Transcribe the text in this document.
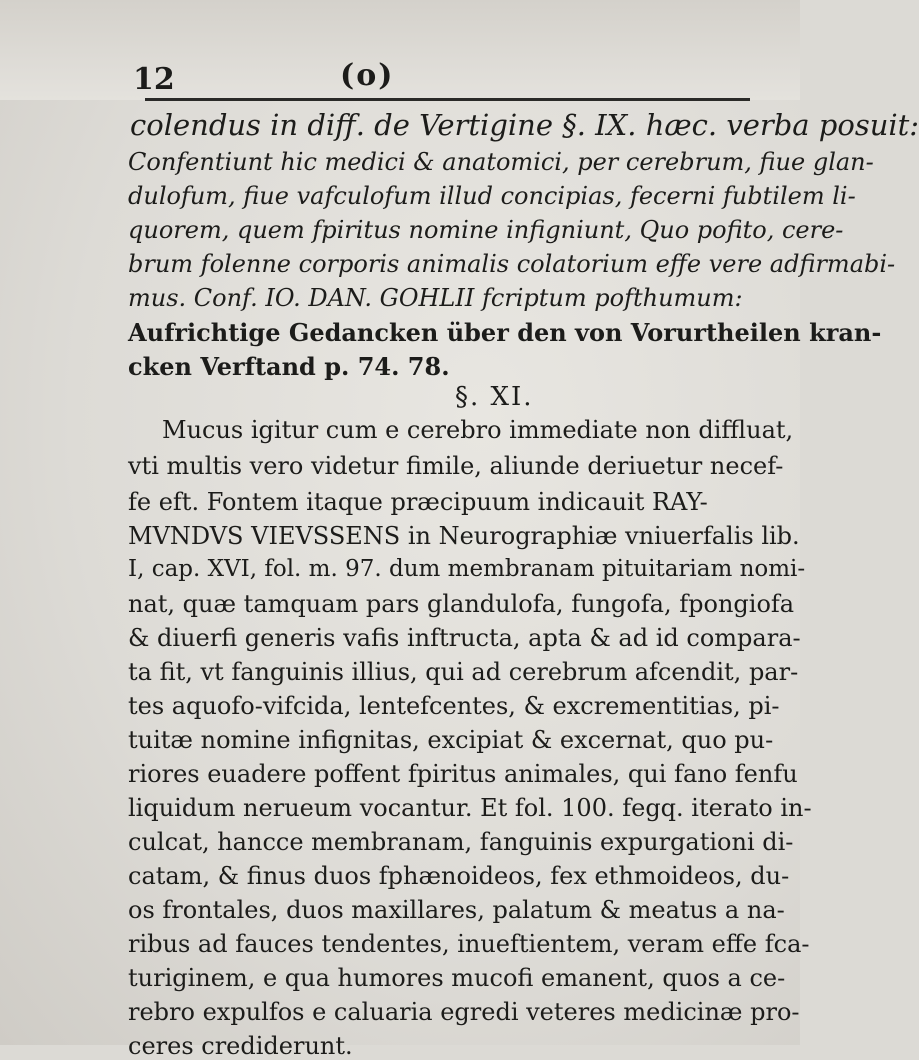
12	(o)
colendus in diff. de Vertigine §. IX. hæc. verba posuit:
Confentiunt hic medici & anatomici, per cerebrum, fiue glan-
dulofum, fiue vafculofum illud concipias, fecerni fubtilem li-
quorem, quem fpiritus nomine infigniunt, Quo pofito, cere-
brum folenne corporis animalis colatorium effe vere adfirmabi-
mus. Conf. IO. DAN. GOHLII fcriptum pofthumum:
Aufrichtige Gedancken über den von Vorurtheilen kran-
cken Verftand p. 74. 78.
§. XI.
Mucus igitur cum e cerebro immediate non diffluat,
vti multis vero videtur fimile, aliunde deriuetur necef-
fe eft. Fontem itaque præcipuum indicauit RAY-
MVNDVS VIEVSSENS in Neurographiæ vniuerfalis lib.
I, cap. XVI, fol. m. 97. dum membranam pituitariam nomi-
nat, quæ tamquam pars glandulofa, fungofa, fpongiofa
& diuerfi generis vafis inftructa, apta & ad id compara-
ta fit, vt fanguinis illius, qui ad cerebrum afcendit, par-
tes aquofo-vifcida, lentefcentes, & excrementitias, pi-
tuitæ nomine infignitas, excipiat & excernat, quo pu-
riores euadere poffent fpiritus animales, qui fano fenfu
liquidum nerueum vocantur. Et fol. 100. fegq. iterato in-
culcat, hancce membranam, fanguinis expurgationi di-
catam, & finus duos fphænoideos, fex ethmoideos, du-
os frontales, duos maxillares, palatum & meatus a na-
ribus ad fauces tendentes, inueftientem, veram effe fca-
turiginem, e qua humores mucofi emanent, quos a ce-
rebro expulfos e caluaria egredi veteres medicinæ pro-
ceres crediderunt.
